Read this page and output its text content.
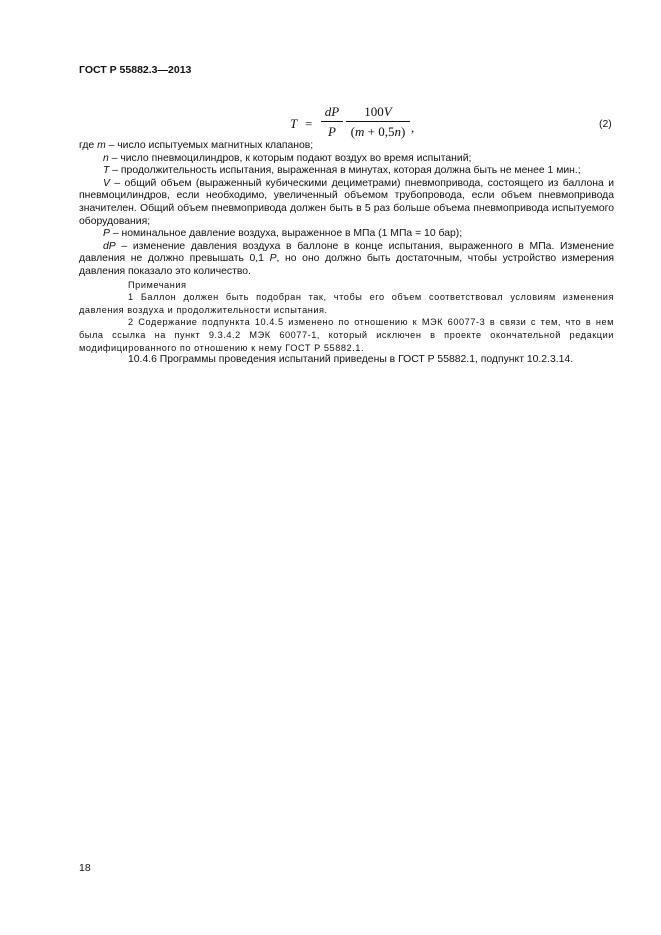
ГОСТ Р 55882.3—2013
T =
dP
P
100V
(m + 0,5n) ,	(2)

где m – число испытуемых магнитных клапанов;

n – число пневмоцилиндров, к которым подают воздух во время испытаний;

T – продолжительность испытания, выраженная в минутах, которая должна быть не менее 1 мин.;

V – общий объем (выраженный кубическими дециметрами) пневмопривода, состоящего из баллона и пневмоцилиндров, если необходимо, увеличенный объемом трубопровода, если объем пневмопривода значителен. Общий объем пневмопривода должен быть в 5 раз больше объема пневмопривода испытуемого оборудования;

P – номинальное давление воздуха, выраженное в МПа (1 МПа = 10 бар);

dP – изменение давления воздуха в баллоне в конце испытания, выраженного в МПа. Изменение давления не должно превышать 0,1 P, но оно должно быть достаточным, чтобы устройство измерения давления показало это количество.

Примечания

1 Баллон должен быть подобран так, чтобы его объем соответствовал условиям изменения давления воздуха и продолжительности испытания.

2 Содержание подпункта 10.4.5 изменено по отношению к МЭК 60077-3 в связи с тем, что в нем была ссылка на пункт 9.3.4.2 МЭК 60077-1, который исключен в проекте окончательной редакции модифицированного по отношению к нему ГОСТ Р 55882.1.

10.4.6 Программы проведения испытаний приведены в ГОСТ Р 55882.1, подпункт 10.2.3.14.

18
